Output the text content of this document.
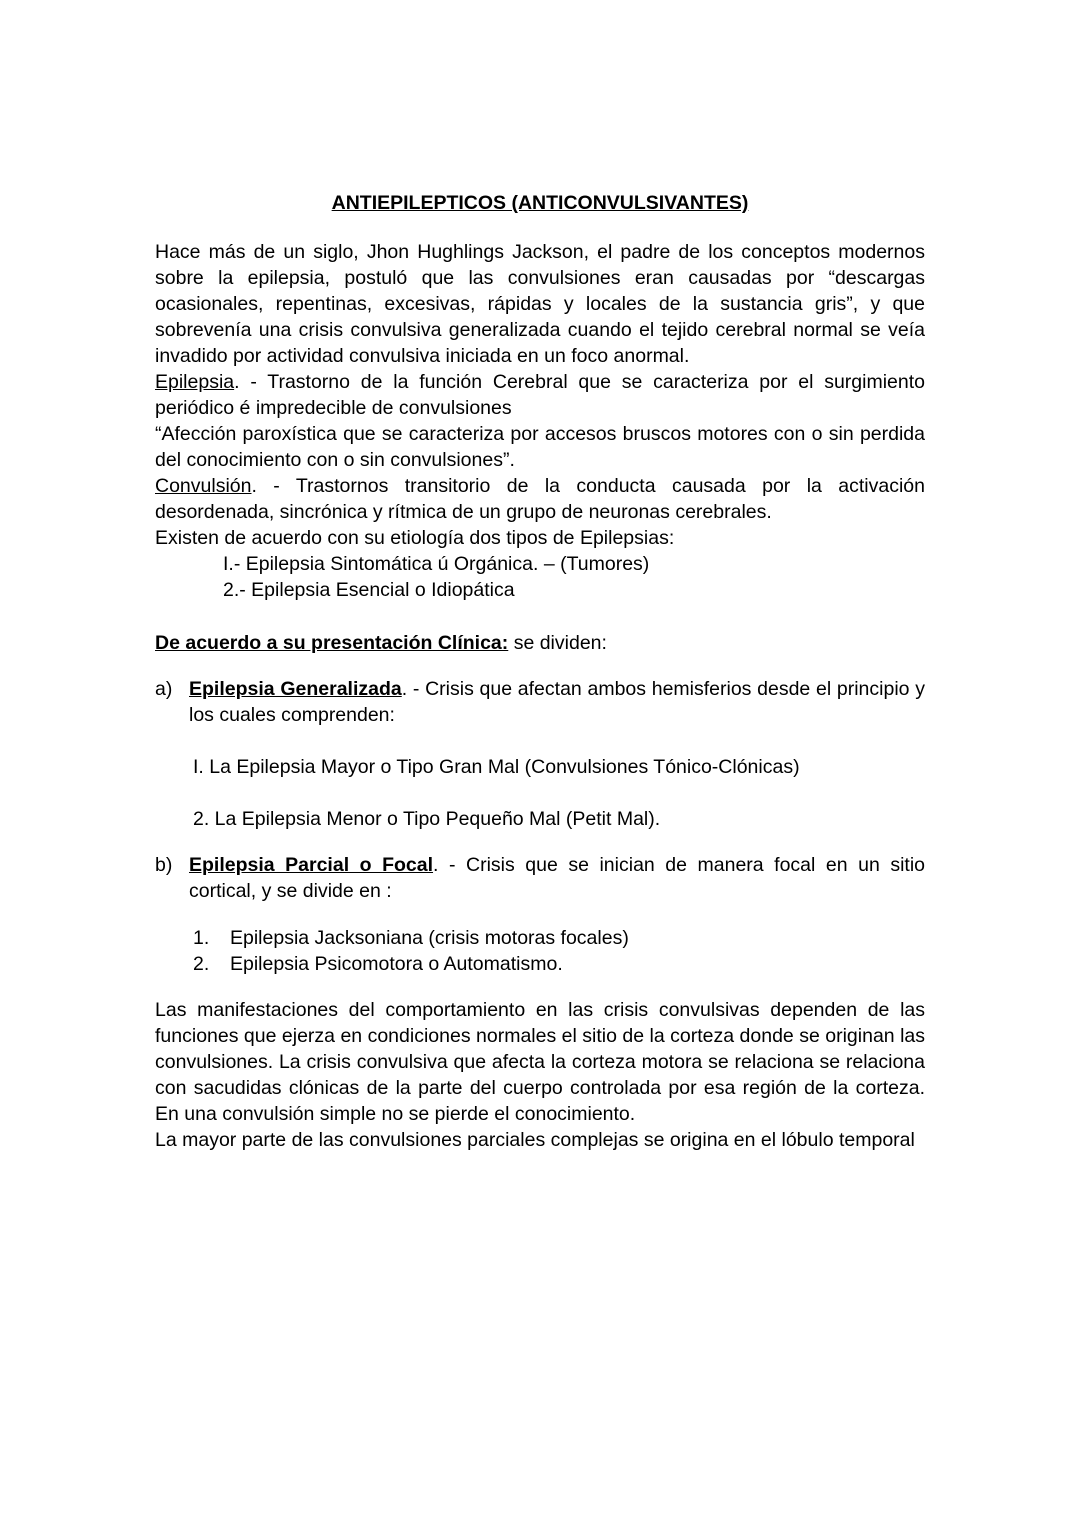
ANTIEPILEPTICOS (ANTICONVULSIVANTES)

Hace más de un siglo, Jhon Hughlings Jackson, el padre de los conceptos modernos sobre la epilepsia, postuló que las convulsiones eran causadas por “descargas ocasionales, repentinas, excesivas, rápidas y locales de la sustancia gris”, y que sobrevenía una crisis convulsiva generalizada cuando el tejido cerebral normal se veía invadido por actividad convulsiva iniciada en un foco anormal.

Epilepsia. - Trastorno de la función Cerebral que se caracteriza por el surgimiento periódico é impredecible de convulsiones

“Afección paroxística que se caracteriza por accesos bruscos motores con o sin perdida del conocimiento con o sin convulsiones”.

Convulsión. - Trastornos transitorio de la conducta causada por la activación desordenada, sincrónica y rítmica de un grupo de neuronas cerebrales.

Existen de acuerdo con su etiología dos tipos de Epilepsias:

I.- Epilepsia Sintomática ú Orgánica. – (Tumores)

2.- Epilepsia Esencial o Idiopática

De acuerdo a su presentación Clínica: se dividen:

a) Epilepsia Generalizada. - Crisis que afectan ambos hemisferios desde el principio y los cuales comprenden:

I. La Epilepsia Mayor o Tipo Gran Mal (Convulsiones Tónico-Clónicas)

2. La Epilepsia Menor o Tipo Pequeño Mal (Petit Mal).

b) Epilepsia Parcial o Focal. - Crisis que se inician de manera focal en un sitio cortical, y se divide en :

1.	Epilepsia Jacksoniana (crisis motoras focales)
2.	Epilepsia Psicomotora o Automatismo.

Las manifestaciones del comportamiento en las crisis convulsivas dependen de las funciones que ejerza en condiciones normales el sitio de la corteza donde se originan las convulsiones. La crisis convulsiva que afecta la corteza motora se relaciona se relaciona con sacudidas clónicas de la parte del cuerpo controlada por esa región de la corteza. En una convulsión simple no se pierde el conocimiento.

La mayor parte de las convulsiones parciales complejas se origina en el lóbulo temporal
